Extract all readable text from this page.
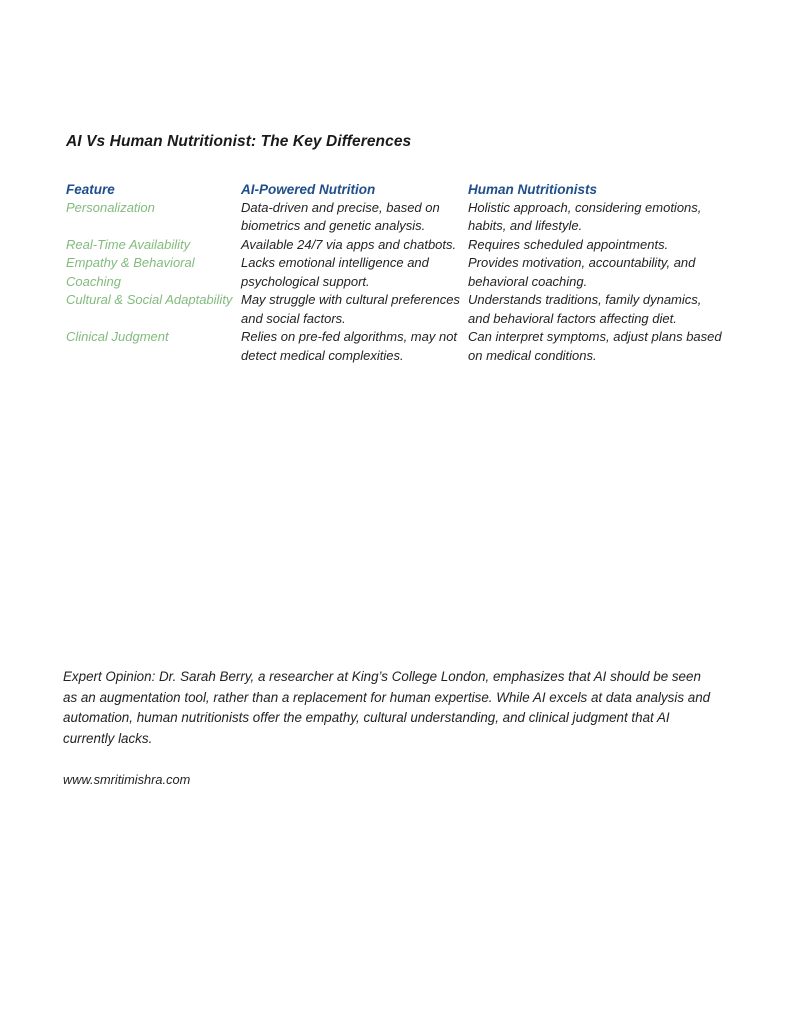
AI Vs Human Nutritionist: The Key Differences
Feature	AI-Powered Nutrition	Human Nutritionists
Personalization	Data-driven and precise, based on biometrics and genetic analysis.	Holistic approach, considering emotions, habits, and lifestyle.
Real-Time Availability	Available 24/7 via apps and chatbots.	Requires scheduled appointments.
Empathy & Behavioral Coaching	Lacks emotional intelligence and psychological support.	Provides motivation, accountability, and behavioral coaching.
Cultural & Social Adaptability	May struggle with cultural preferences and social factors.	Understands traditions, family dynamics, and behavioral factors affecting diet.
Clinical Judgment	Relies on pre-fed algorithms, may not detect medical complexities.	Can interpret symptoms, adjust plans based on medical conditions.
Expert Opinion: Dr. Sarah Berry, a researcher at King’s College London, emphasizes that AI should be seen as an augmentation tool, rather than a replacement for human expertise. While AI excels at data analysis and automation, human nutritionists offer the empathy, cultural understanding, and clinical judgment that AI currently lacks.
www.smritimishra.com
